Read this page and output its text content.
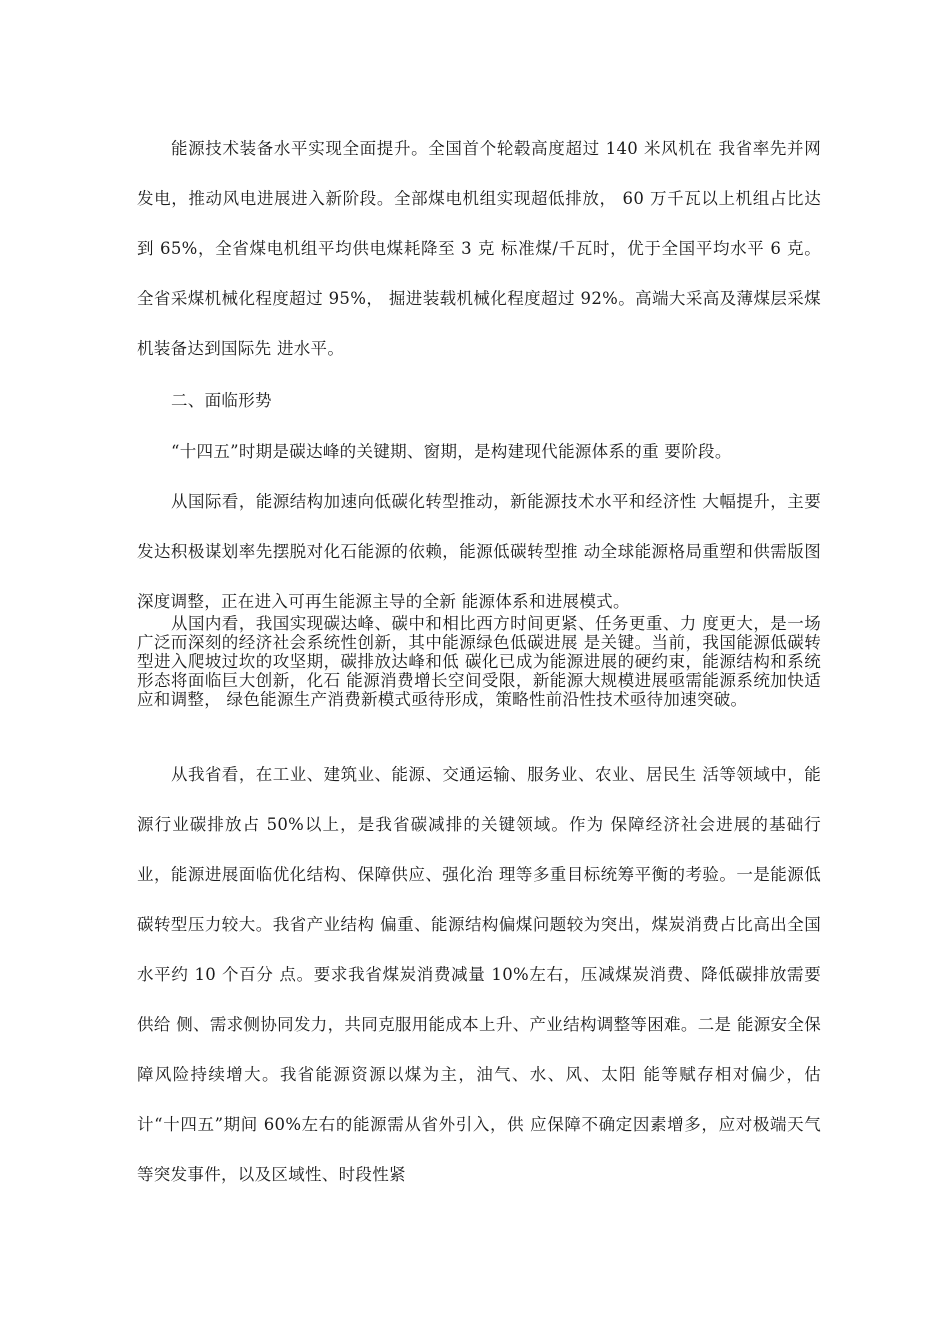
能源技术装备水平实现全面提升。全国首个轮毂高度超过 140 米风机在 我省率先并网发电，推动风电进展进入新阶段。全部煤电机组实现超低排放， 60 万千瓦以上机组占比达到 65%，全省煤电机组平均供电煤耗降至 3 克 标准煤/千瓦时，优于全国平均水平 6 克。全省采煤机械化程度超过 95%， 掘进装载机械化程度超过 92%。高端大采高及薄煤层采煤机装备达到国际先 进水平。

二、面临形势

“十四五”时期是碳达峰的关键期、窗期，是构建现代能源体系的重 要阶段。

从国际看，能源结构加速向低碳化转型推动，新能源技术水平和经济性 大幅提升，主要发达积极谋划率先摆脱对化石能源的依赖，能源低碳转型推 动全球能源格局重塑和供需版图深度调整，正在进入可再生能源主导的全新 能源体系和进展模式。

从国内看，我国实现碳达峰、碳中和相比西方时间更紧、任务更重、力 度更大，是一场广泛而深刻的经济社会系统性创新，其中能源绿色低碳进展 是关键。当前，我国能源低碳转型进入爬坡过坎的攻坚期，碳排放达峰和低 碳化已成为能源进展的硬约束，能源结构和系统形态将面临巨大创新，化石 能源消费增长空间受限，新能源大规模进展亟需能源系统加快适应和调整， 绿色能源生产消费新模式亟待形成，策略性前沿性技术亟待加速突破。

从我省看，在工业、建筑业、能源、交通运输、服务业、农业、居民生 活等领域中，能源行业碳排放占 50%以上，是我省碳减排的关键领域。作为 保障经济社会进展的基础行业，能源进展面临优化结构、保障供应、强化治 理等多重目标统筹平衡的考验。一是能源低碳转型压力较大。我省产业结构 偏重、能源结构偏煤问题较为突出，煤炭消费占比高出全国水平约 10 个百分 点。要求我省煤炭消费减量 10%左右，压减煤炭消费、降低碳排放需要供给 侧、需求侧协同发力，共同克服用能成本上升、产业结构调整等困难。二是 能源安全保障风险持续增大。我省能源资源以煤为主，油气、水、风、太阳 能等赋存相对偏少，估计“十四五”期间 60%左右的能源需从省外引入，供 应保障不确定因素增多，应对极端天气等突发事件，以及区域性、时段性紧
